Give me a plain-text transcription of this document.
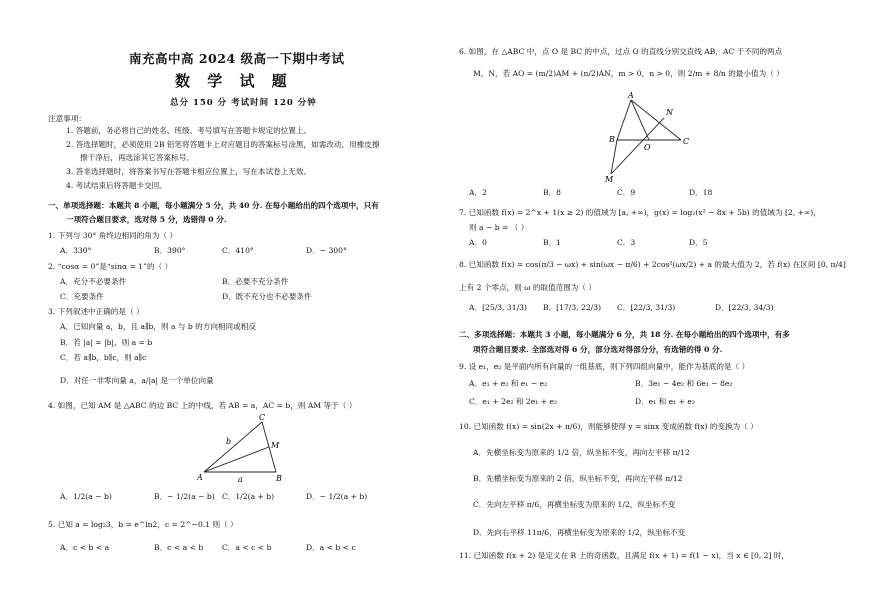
南充高中高 2024 级高一下期中考试
数 学 试 题
总分 150 分 考试时间 120 分钟
注意事项：
1. 答题前，务必将自己的姓名、班级、考号填写在答题卡规定的位置上。
2. 答选择题时，必须使用 2B 铅笔将答题卡上对应题目的答案标号涂黑，如需改动，用橡皮擦
擦干净后，再选涂其它答案标号。
3. 答非选择题时，将答案书写在答题卡相应位置上，写在本试卷上无效。
4. 考试结束后将答题卡交回。
一、单项选择题：本题共 8 小题，每小题满分 5 分，共 40 分. 在每小题给出的四个选项中，只有
一项符合题目要求，选对得 5 分，选错得 0 分.
1. 下列与 30° 角终边相同的角为（ ）
A．330°	B．390°	C．410°	D．− 300°
2. “cosα = 0”是“sinα = 1”的（ ）
A．充分不必要条件	B．必要不充分条件
C．充要条件	D．既不充分也不必要条件
3. 下列叙述中正确的是（ ）
A．已知向量 a，b，且 a∥b，则 a 与 b 的方向相同或相反
B．若 |a| = |b|，则 a = b
C．若 a∥b，b∥c，则 a∥c
D．对任一非零向量 a，a/|a| 是一个单位向量
4. 如图，已知 AM 是 △ABC 的边 BC 上的中线，若 AB = a，AC = b，则 AM 等于（ ）
C
M
A	B
b
a
A．1/2(a − b)	B．− 1/2(a − b) C．1/2(a + b)	D．− 1/2(a + b)
5. 已知 a = log₂3，b = e^ln2，c = 2^−0.1 则（ ）
A．c < b < a	B．c < a < b C．a < c < b	D．a < b < c
6. 如图，在 △ABC 中，点 O 是 BC 的中点，过点 O 的直线分别交直线 AB，AC 于不同的两点
M，N，若 AO = (m/2)AM + (n/2)AN，m > 0，n > 0，则 2/m + 8/n 的最小值为（ ）
A
N
B
O
C
M
A．2	B．8	C．9	D．18
7. 已知函数 f(x) = 2^x + 1(x ≥ 2) 的值域为 [a, +∞)，g(x) = log₂(x² − 8x + 5b) 的值域为 [2, +∞)，
则 a − b = （ ）
A．0	B．1	C．3	D．5
8. 已知函数 f(x) = cos(π/3 − ωx) + sin(ωx − π/6) + 2cos²(ωx/2) + a 的最大值为 2，若 f(x) 在区间 [0, π/4]
上有 2 个零点，则 ω 的取值范围为（ ）
A．[25/3, 31/3) B．[17/3, 22/3) C．[22/3, 31/3)	D．[22/3, 34/3)
二、多项选择题：本题共 3 小题，每小题满分 6 分，共 18 分. 在每小题给出的四个选项中，有多
项符合题目要求. 全部选对得 6 分，部分选对得部分分，有选错的得 0 分.
9. 设 e₁，e₂ 是平面内所有向量的一组基底，则下列四组向量中，能作为基底的是（ ）
A．e₁ + e₂ 和 e₁ − e₂	B．3e₁ − 4e₂ 和 6e₁ − 8e₂
C．e₁ + 2e₂ 和 2e₁ + e₂	D．e₁ 和 e₁ + e₂
10. 已知函数 f(x) = sin(2x + π/6)，则能够使得 y = sinx 变成函数 f(x) 的变换为（ ）
A．先横坐标变为原来的 1/2 倍，纵坐标不变，再向左平移 π/12
B．先横坐标变为原来的 2 倍，纵坐标不变，再向左平移 π/12
C．先向左平移 π/6，再横坐标变为原来的 1/2，纵坐标不变
D．先向右平移 11π/6，再横坐标变为原来的 1/2，纵坐标不变
11. 已知函数 f(x + 2) 是定义在 R 上的奇函数，且满足 f(x + 1) = f(1 − x)，当 x ∈ [0, 2] 时，
